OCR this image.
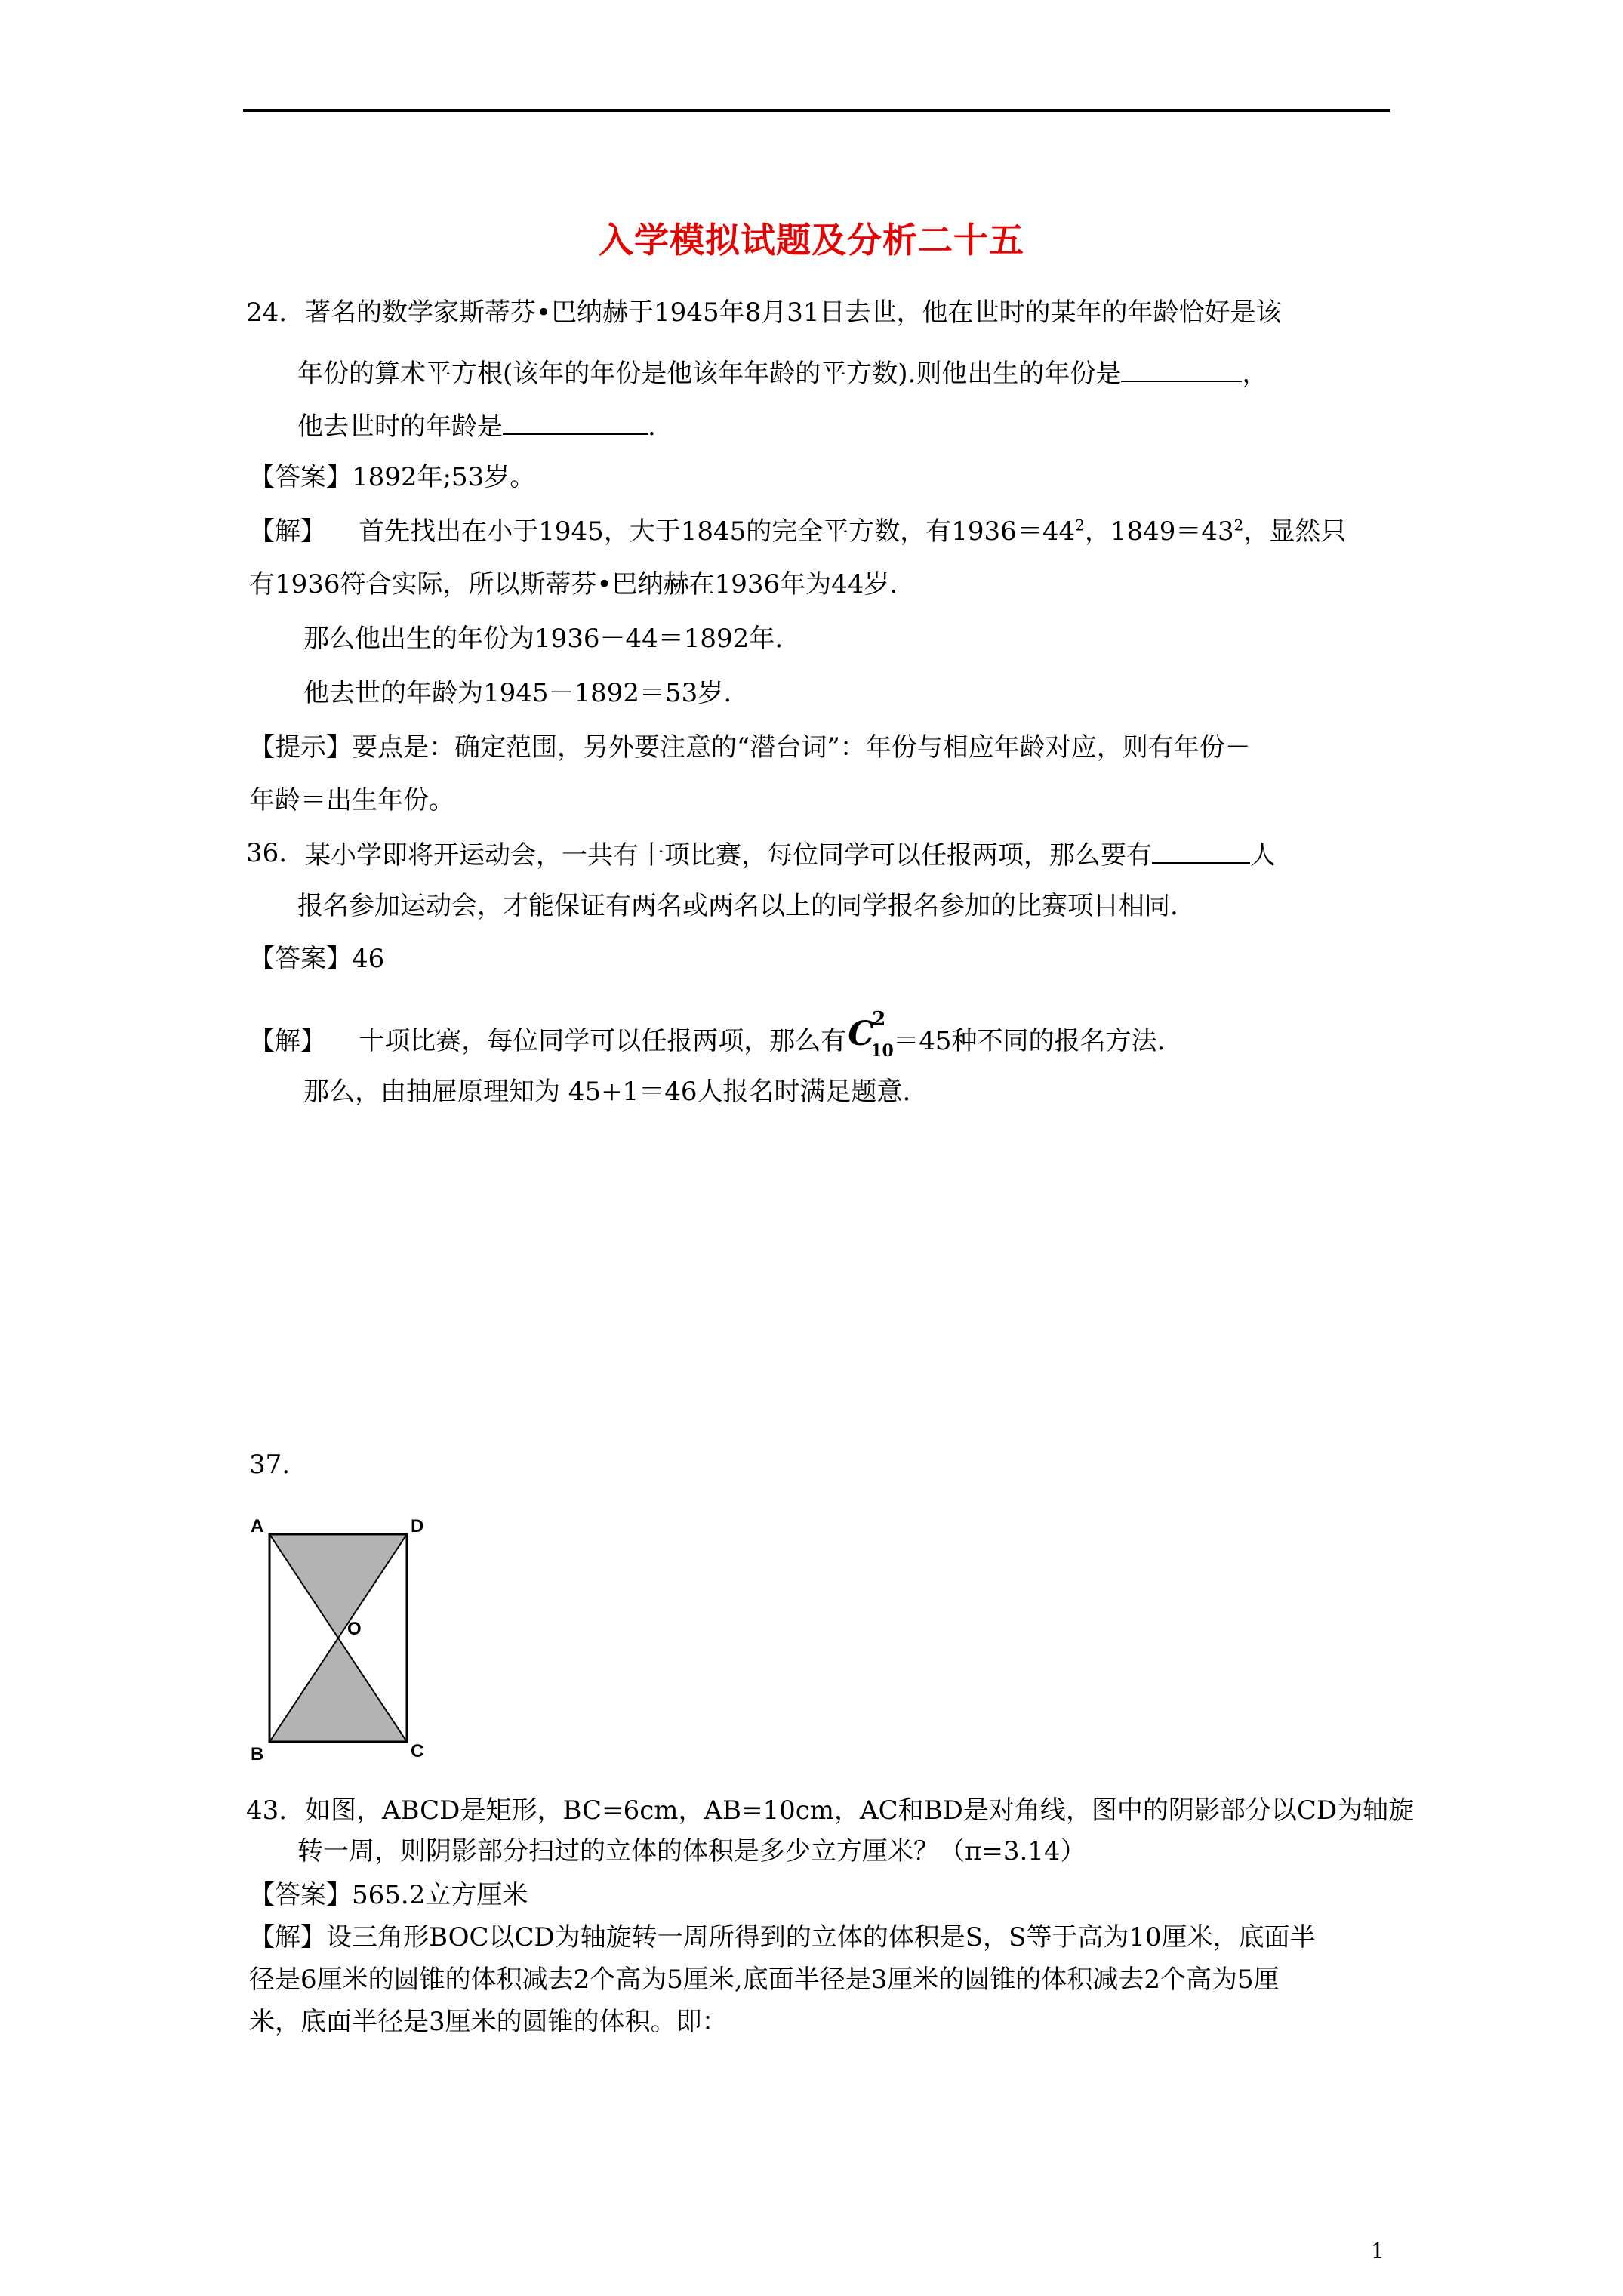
入学模拟试题及分析二十五
24. 著名的数学家斯蒂芬•巴纳赫于1945年8月31日去世，他在世时的某年的年龄恰好是该
年份的算术平方根(该年的年份是他该年年龄的平方数).则他出生的年份是	，
他去世时的年龄是	.
【答案】1892年;53岁。
【解】 首先找出在小于1945，大于1845的完全平方数，有$1936=44^2$，$1849=43^2$，显然只
有1936符合实际，所以斯蒂芬•巴纳赫在1936年为44岁.
那么他出生的年份为1936－44＝1892年.
他去世的年龄为1945－1892＝53岁.
【提示】要点是：确定范围，另外要注意的“潜台词”：年份与相应年龄对应，则有年份－
年龄＝出生年份。
36. 某小学即将开运动会，一共有十项比赛，每位同学可以任报两项，那么要有	人
报名参加运动会，才能保证有两名或两名以上的同学报名参加的比赛项目相同.
【答案】46
【解】 十项比赛，每位同学可以任报两项，那么有 C
2
10 ＝45种不同的报名方法.
那么，由抽屉原理知为 45+1＝46人报名时满足题意.
37.
A	D
O
B	C
43. 如图，ABCD是矩形，BC=6cm，AB=10cm，AC和BD是对角线，图中的阴影部分以CD为轴旋
转一周，则阴影部分扫过的立体的体积是多少立方厘米？（π=3.14）
【答案】565.2立方厘米
【解】设三角形BOC以CD为轴旋转一周所得到的立体的体积是S，S等于高为10厘米，底面半
径是6厘米的圆锥的体积减去2个高为5厘米,底面半径是3厘米的圆锥的体积减去2个高为5厘
米，底面半径是3厘米的圆锥的体积。即：
1
